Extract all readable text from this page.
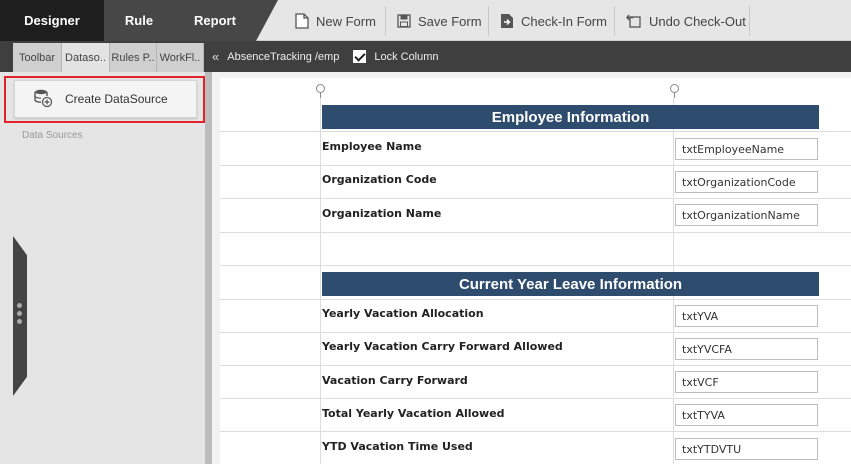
Designer	Rule	Report	New Form	Save Form	Check-In Form	Undo Check-Out
Toolbar Dataso.. Rules P.. WorkFl.. « AbsenceTracking /emp	Lock Column
Create DataSource
Data Sources
Employee Information
Employee Name	txtEmployeeName
Organization Code	txtOrganizationCode
Organization Name	txtOrganizationName
Current Year Leave Information
Yearly Vacation Allocation	txtYVA
Yearly Vacation Carry Forward Allowed	txtYVCFA
Vacation Carry Forward	txtVCF
Total Yearly Vacation Allowed	txtTYVA
YTD Vacation Time Used	txtYTDVTU
